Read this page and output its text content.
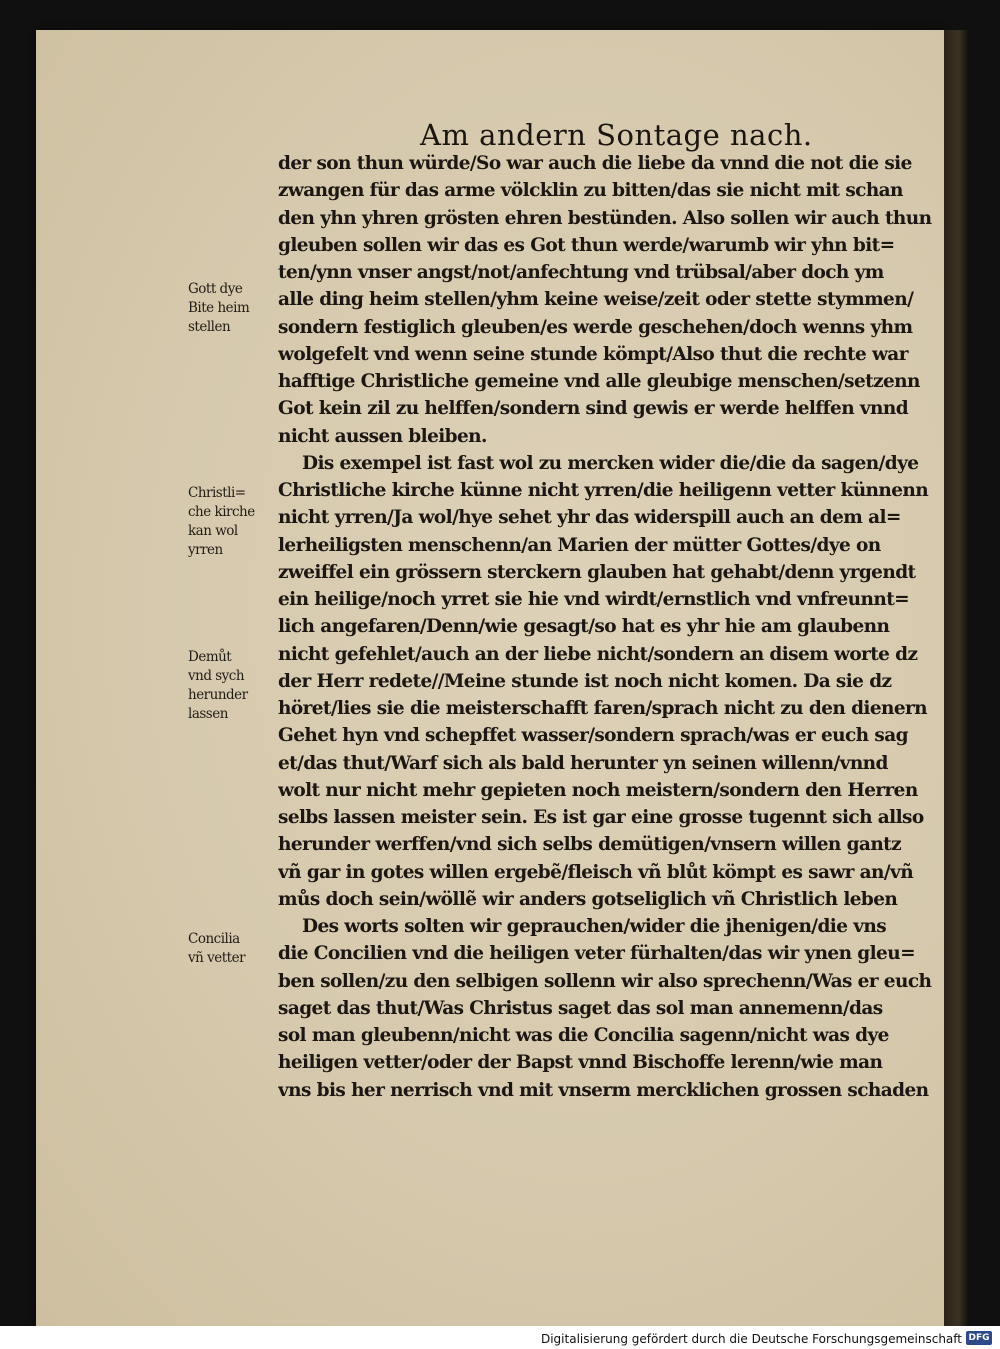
Am andern Sontage nach.
der son thun würde/So war auch die liebe da vnnd die not die sie
zwangen für das arme völcklin zu bitten/das sie nicht mit schan
den yhn yhren grösten ehren bestünden. Also sollen wir auch thun
gleuben sollen wir das es Got thun werde/warumb wir yhn bit=
ten/ynn vnser angst/not/anfechtung vnd trübsal/aber doch ym
alle ding heim stellen/yhm keine weise/zeit oder stette stymmen/
sondern festiglich gleuben/es werde geschehen/doch wenns yhm
wolgefelt vnd wenn seine stunde kömpt/Also thut die rechte war
hafftige Christliche gemeine vnd alle gleubige menschen/setzenn
Got kein zil zu helffen/sondern sind gewis er werde helffen vnnd
nicht aussen bleiben.
Dis exempel ist fast wol zu mercken wider die/die da sagen/dye
Christliche kirche künne nicht yrren/die heiligenn vetter künnenn
nicht yrren/Ja wol/hye sehet yhr das widerspill auch an dem al=
lerheiligsten menschenn/an Marien der mütter Gottes/dye on
zweiffel ein grössern sterckern glauben hat gehabt/denn yrgendt
ein heilige/noch yrret sie hie vnd wirdt/ernstlich vnd vnfreunnt=
lich angefaren/Denn/wie gesagt/so hat es yhr hie am glaubenn
nicht gefehlet/auch an der liebe nicht/sondern an disem worte dz
der Herr redete//Meine stunde ist noch nicht komen. Da sie dz
höret/lies sie die meisterschafft faren/sprach nicht zu den dienern
Gehet hyn vnd schepffet wasser/sondern sprach/was er euch sag
et/das thut/Warf sich als bald herunter yn seinen willenn/vnnd
wolt nur nicht mehr gepieten noch meistern/sondern den Herren
selbs lassen meister sein. Es ist gar eine grosse tugennt sich allso
herunder werffen/vnd sich selbs demütigen/vnsern willen gantz
vñ gar in gotes willen ergebẽ/fleisch vñ blůt kömpt es sawr an/vñ
můs doch sein/wöllẽ wir anders gotseliglich vñ Christlich leben
Des worts solten wir geprauchen/wider die jhenigen/die vns
die Concilien vnd die heiligen veter fürhalten/das wir ynen gleu=
ben sollen/zu den selbigen sollenn wir also sprechenn/Was er euch
saget das thut/Was Christus saget das sol man annemenn/das
sol man gleubenn/nicht was die Concilia sagenn/nicht was dye
heiligen vetter/oder der Bapst vnnd Bischoffe lerenn/wie man
vns bis her nerrisch vnd mit vnserm mercklichen grossen schaden
Gott dye
Bite heim
stellen
Christli=
che kirche
kan wol
yrren
Demůt
vnd sych
herunder
lassen
Concilia
vñ vetter
Digitalisierung gefördert durch die Deutsche Forschungsgemeinschaft DFG
